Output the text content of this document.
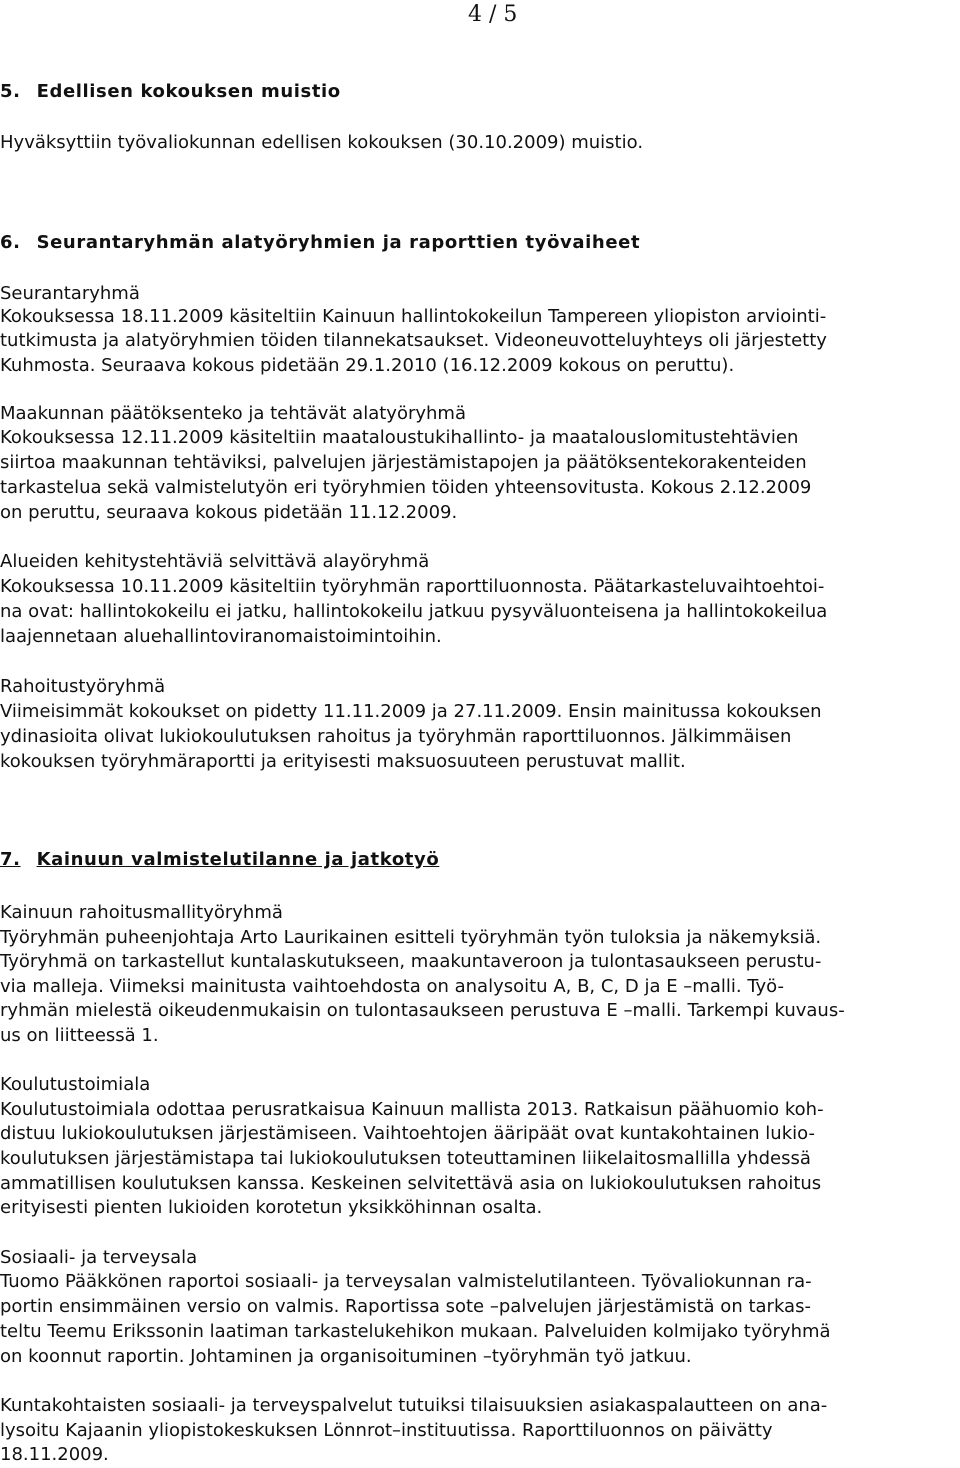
4 / 5
5. Edellisen kokouksen muistio
Hyväksyttiin työvaliokunnan edellisen kokouksen (30.10.2009) muistio.
6. Seurantaryhmän alatyöryhmien ja raporttien työvaiheet
Seurantaryhmä
Kokouksessa 18.11.2009 käsiteltiin Kainuun hallintokokeilun Tampereen yliopiston arviointi-
tutkimusta ja alatyöryhmien töiden tilannekatsaukset. Videoneuvotteluyhteys oli järjestetty
Kuhmosta. Seuraava kokous pidetään 29.1.2010 (16.12.2009 kokous on peruttu).
Maakunnan päätöksenteko ja tehtävät alatyöryhmä
Kokouksessa 12.11.2009 käsiteltiin maataloustukihallinto- ja maatalouslomitustehtävien
siirtoa maakunnan tehtäviksi, palvelujen järjestämistapojen ja päätöksentekorakenteiden
tarkastelua sekä valmistelutyön eri työryhmien töiden yhteensovitusta. Kokous 2.12.2009
on peruttu, seuraava kokous pidetään 11.12.2009.
Alueiden kehitystehtäviä selvittävä alayöryhmä
Kokouksessa 10.11.2009 käsiteltiin työryhmän raporttiluonnosta. Päätarkasteluvaihtoehtoi-
na ovat: hallintokokeilu ei jatku, hallintokokeilu jatkuu pysyväluonteisena ja hallintokokeilua
laajennetaan aluehallintoviranomaistoimintoihin.
Rahoitustyöryhmä
Viimeisimmät kokoukset on pidetty 11.11.2009 ja 27.11.2009. Ensin mainitussa kokouksen
ydinasioita olivat lukiokoulutuksen rahoitus ja työryhmän raporttiluonnos. Jälkimmäisen
kokouksen työryhmäraportti ja erityisesti maksuosuuteen perustuvat mallit.
7. Kainuun valmistelutilanne ja jatkotyö
Kainuun rahoitusmallityöryhmä
Työryhmän puheenjohtaja Arto Laurikainen esitteli työryhmän työn tuloksia ja näkemyksiä.
Työryhmä on tarkastellut kuntalaskutukseen, maakuntaveroon ja tulontasaukseen perustu-
via malleja. Viimeksi mainitusta vaihtoehdosta on analysoitu A, B, C, D ja E –malli. Työ-
ryhmän mielestä oikeudenmukaisin on tulontasaukseen perustuva E –malli. Tarkempi kuvaus-
us on liitteessä 1.
Koulutustoimiala
Koulutustoimiala odottaa perusratkaisua Kainuun mallista 2013. Ratkaisun päähuomio koh-
distuu lukiokoulutuksen järjestämiseen. Vaihtoehtojen ääripäät ovat kuntakohtainen lukio-
koulutuksen järjestämistapa tai lukiokoulutuksen toteuttaminen liikelaitosmallilla yhdessä
ammatillisen koulutuksen kanssa. Keskeinen selvitettävä asia on lukiokoulutuksen rahoitus
erityisesti pienten lukioiden korotetun yksikköhinnan osalta.
Sosiaali- ja terveysala
Tuomo Pääkkönen raportoi sosiaali- ja terveysalan valmistelutilanteen. Työvaliokunnan ra-
portin ensimmäinen versio on valmis. Raportissa sote –palvelujen järjestämistä on tarkas-
teltu Teemu Erikssonin laatiman tarkastelukehikon mukaan. Palveluiden kolmijako työryhmä
on koonnut raportin. Johtaminen ja organisoituminen –työryhmän työ jatkuu.
Kuntakohtaisten sosiaali- ja terveyspalvelut tutuiksi tilaisuuksien asiakaspalautteen on ana-
lysoitu Kajaanin yliopistokeskuksen Lönnrot–instituutissa. Raporttiluonnos on päivätty
18.11.2009.
